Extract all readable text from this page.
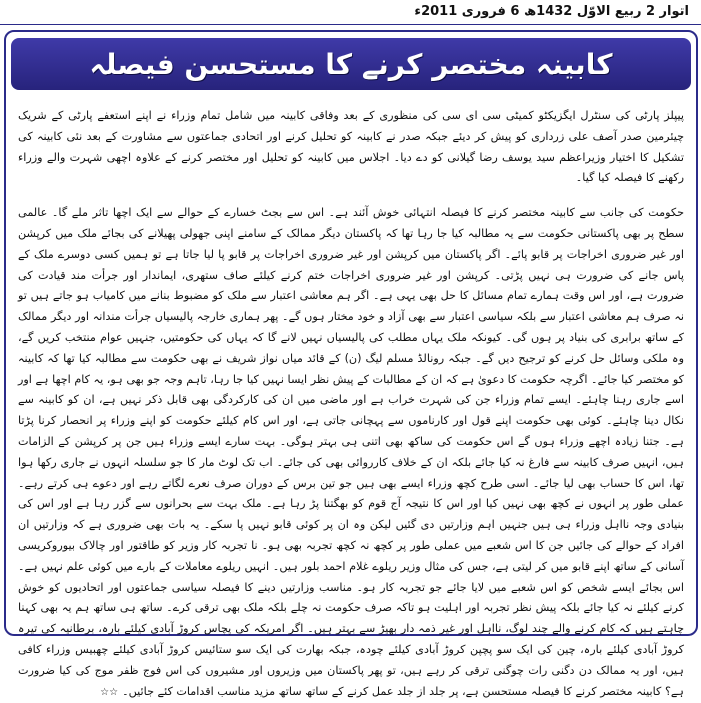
اتوار 2 ربیع الاوّل 1432ھ 6 فروری 2011ء
کابینہ مختصر کرنے کا مستحسن فیصلہ

پیپلز پارٹی کی سنٹرل ایگزیکٹو کمیٹی سی ای سی کی منظوری کے بعد وفاقی کابینہ میں شامل تمام وزراء نے اپنے استعفے پارٹی کے شریک چیئرمین صدر آصف علی زرداری کو پیش کر دیئے جبکہ صدر نے کابینہ کو تحلیل کرنے اور اتحادی جماعتوں سے مشاورت کے بعد نئی کابینہ کی تشکیل کا اختیار وزیراعظم سید یوسف رضا گیلانی کو دے دیا۔ اجلاس میں کابینہ کو تحلیل اور مختصر کرنے کے علاوہ اچھی شہرت والے وزراء رکھنے کا فیصلہ کیا گیا۔

حکومت کی جانب سے کابینہ مختصر کرنے کا فیصلہ انتہائی خوش آئند ہے۔ اس سے بجٹ خسارے کے حوالے سے ایک اچھا تاثر ملے گا۔ عالمی سطح پر بھی پاکستانی حکومت سے یہ مطالبہ کیا جا رہا تھا کہ پاکستان دیگر ممالک کے سامنے اپنی جھولی پھیلانے کی بجائے ملک میں کرپشن اور غیر ضروری اخراجات پر قابو پائے۔ اگر پاکستان میں کرپشن اور غیر ضروری اخراجات پر قابو پا لیا جاتا ہے تو ہمیں کسی دوسرے ملک کے پاس جانے کی ضرورت ہی نہیں پڑتی۔ کرپشن اور غیر ضروری اخراجات ختم کرنے کیلئے صاف ستھری، ایماندار اور جرأت مند قیادت کی ضرورت ہے، اور اس وقت ہمارے تمام مسائل کا حل بھی یہی ہے۔ اگر ہم معاشی اعتبار سے ملک کو مضبوط بنانے میں کامیاب ہو جاتے ہیں تو نہ صرف ہم معاشی اعتبار سے بلکہ سیاسی اعتبار سے بھی آزاد و خود مختار ہوں گے۔ پھر ہماری خارجہ پالیسیاں جرأت مندانہ اور دیگر ممالک کے ساتھ برابری کی بنیاد پر ہوں گی۔ کیونکہ ملک یہاں مطلب کی پالیسیاں نہیں لانے گا کہ یہاں کی حکومتیں، جنہیں عوام منتخب کریں گے، وہ ملکی وسائل حل کرنے کو ترجیح دیں گے۔ جبکہ رونالڈ مسلم لیگ (ن) کے قائد میاں نواز شریف نے بھی حکومت سے مطالبہ کیا تھا کہ کابینہ کو مختصر کیا جائے۔ اگرچہ حکومت کا دعویٰ ہے کہ ان کے مطالبات کے پیش نظر ایسا نہیں کیا جا رہا، تاہم وجہ جو بھی ہو، یہ کام اچھا ہے اور اسے جاری رہنا چاہئے۔ ایسے تمام وزراء جن کی شہرت خراب ہے اور ماضی میں ان کی کارکردگی بھی قابل ذکر نہیں ہے، ان کو کابینہ سے نکال دینا چاہئے۔ کوئی بھی حکومت اپنے قول اور کارناموں سے پہچانی جاتی ہے، اور اس کام کیلئے حکومت کو اپنے وزراء پر انحصار کرنا پڑتا ہے۔ جتنا زیادہ اچھے وزراء ہوں گے اس حکومت کی ساکھ بھی اتنی ہی بہتر ہوگی۔ بہت سارے ایسے وزراء ہیں جن پر کرپشن کے الزامات ہیں، انہیں صرف کابینہ سے فارغ نہ کیا جائے بلکہ ان کے خلاف کارروائی بھی کی جائے۔ اب تک لوٹ مار کا جو سلسلہ انہوں نے جاری رکھا ہوا تھا، اس کا حساب بھی لیا جائے۔ اسی طرح کچھ وزراء ایسے بھی ہیں جو تین برس کے دوران صرف نعرے لگاتے رہے اور دعوے ہی کرتے رہے۔ عملی طور پر انہوں نے کچھ بھی نہیں کیا اور اس کا نتیجہ آج قوم کو بھگتنا پڑ رہا ہے۔ ملک بہت سے بحرانوں سے گزر رہا ہے اور اس کی بنیادی وجہ نااہل وزراء ہی ہیں جنہیں اہم وزارتیں دی گئیں لیکن وہ ان پر کوئی قابو نہیں پا سکے۔ یہ بات بھی ضروری ہے کہ وزارتیں ان افراد کے حوالے کی جائیں جن کا اس شعبے میں عملی طور پر کچھ نہ کچھ تجربہ بھی ہو۔ نا تجربہ کار وزیر کو طاقتور اور چالاک بیوروکریسی آسانی کے ساتھ اپنے قابو میں کر لیتی ہے، جس کی مثال وزیر ریلوے غلام احمد بلور ہیں۔ انہیں ریلوے معاملات کے بارے میں کوئی علم نہیں ہے۔ اس بجائے ایسے شخص کو اس شعبے میں لایا جائے جو تجربہ کار ہو۔ مناسب وزارتیں دینے کا فیصلہ سیاسی جماعتوں اور اتحادیوں کو خوش کرنے کیلئے نہ کیا جائے بلکہ پیش نظر تجربہ اور اہلیت ہو تاکہ صرف حکومت نہ چلے بلکہ ملک بھی ترقی کرے۔ ساتھ ہی ساتھ ہم یہ بھی کہنا چاہتے ہیں کہ کام کرنے والے چند لوگ، نااہل اور غیر ذمہ دار بھیڑ سے بہتر ہیں۔ اگر امریکہ کی پچاس کروڑ آبادی کیلئے بارہ، برطانیہ کی تیرہ کروڑ آبادی کیلئے بارہ، چین کی ایک سو پچپن کروڑ آبادی کیلئے چودہ، جبکہ بھارت کی ایک سو ستائیس کروڑ آبادی کیلئے چھبیس وزراء کافی ہیں، اور یہ ممالک دن دگنی رات چوگنی ترقی کر رہے ہیں، تو پھر پاکستان میں وزیروں اور مشیروں کی اس فوج ظفر موج کی کیا ضرورت ہے؟ کابینہ مختصر کرنے کا فیصلہ مستحسن ہے، پر جلد از جلد عمل کرنے کے ساتھ ساتھ مزید مناسب اقدامات کئے جائیں۔☆☆
